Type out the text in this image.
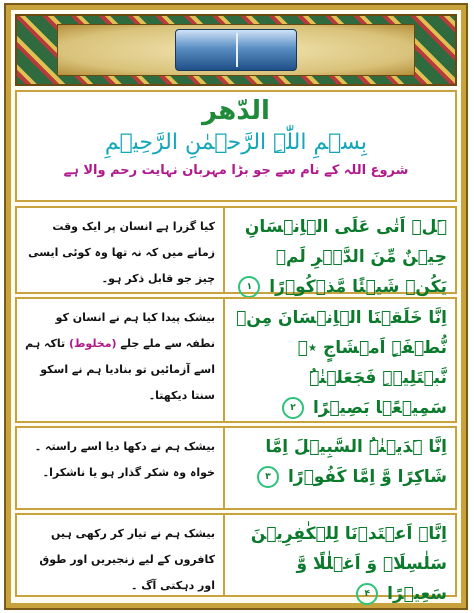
الدّھر
بِسۡمِ اللّٰہِ الرَّحۡمٰنِ الرَّحِیۡمِ
شروع اللہ کے نام سے جو بڑا مہربان نہایت رحم والا ہے
ہَلۡ اَتٰی عَلَی الۡاِنۡسَانِ حِیۡنٌ مِّنَ الدَّہۡرِ لَمۡ یَکُنۡ شَیۡئًا مَّذۡکُوۡرًا ۱
کیا گزرا ہے انسان پر ایک وقت زمانے میں کہ نہ تھا وہ کوئی ایسی چیز جو قابل ذکر ہو۔
اِنَّا خَلَقۡنَا الۡاِنۡسَانَ مِنۡ نُّطۡفَۃٍ اَمۡشَاجٍ ٭ۖ نَّبۡتَلِیۡہِ فَجَعَلۡنٰہُ سَمِیۡعًۢا بَصِیۡرًا ۲
بیشک پیدا کیا ہم نے انسان کو نطفہ سے ملے جلے (مخلوط) تاکہ ہم اسے آزمائیں تو بنادیا ہم نے اسکو سنتا دیکھتا۔
اِنَّا ہَدَیۡنٰہُ السَّبِیۡلَ اِمَّا شَاکِرًا وَّ اِمَّا کَفُوۡرًا ۳
بیشک ہم نے دکھا دیا اسے راستہ ۔ خواہ وہ شکر گذار ہو یا ناشکرا۔
اِنَّاۤ اَعۡتَدۡنَا لِلۡکٰفِرِیۡنَ سَلٰسِلَا۠ وَ اَغۡلٰلًا وَّ سَعِیۡرًا ۴
بیشک ہم نے تیار کر رکھی ہیں کافروں کے لیے زنجیریں اور طوق اور دہکتی آگ ۔
